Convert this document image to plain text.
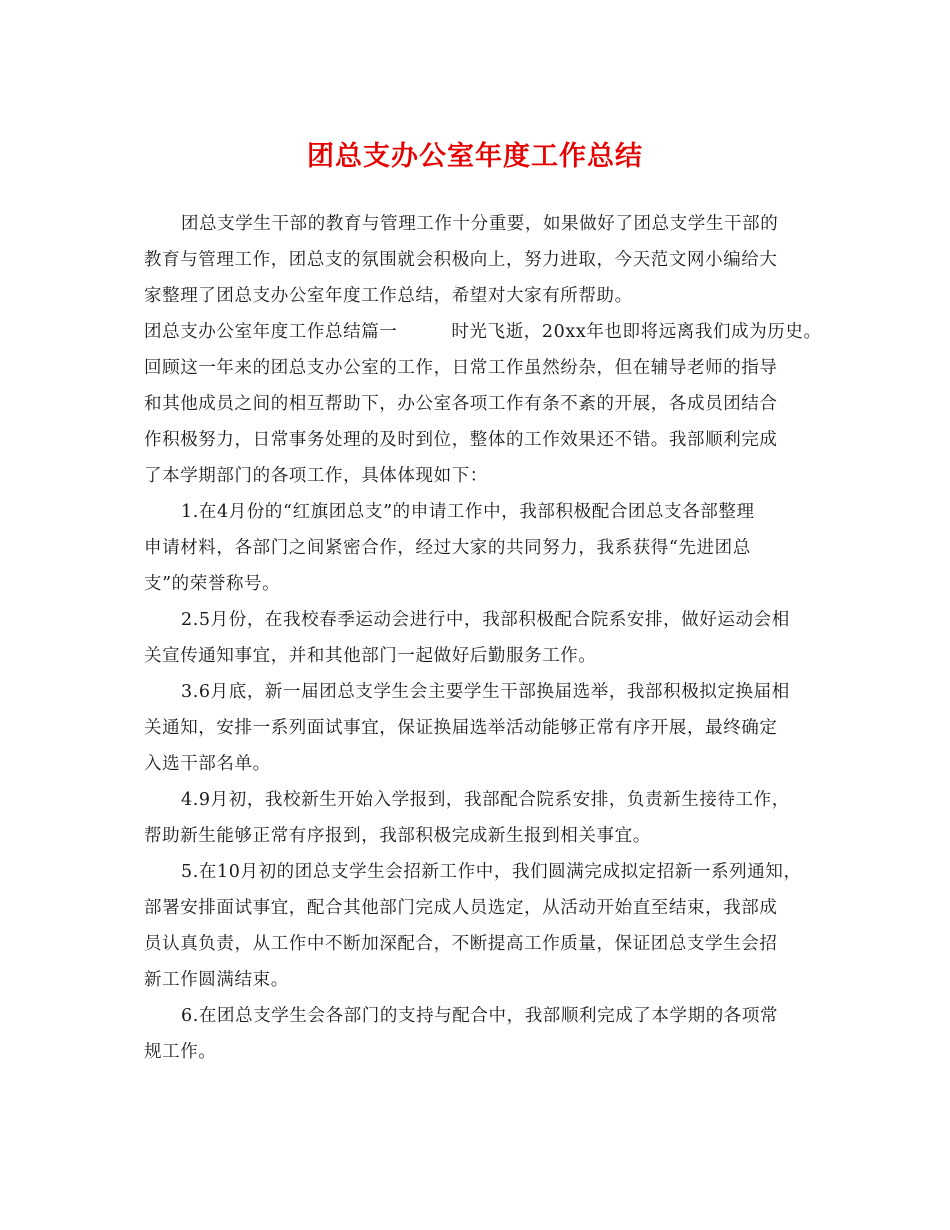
团总支办公室年度工作总结
团总支学生干部的教育与管理工作十分重要，如果做好了团总支学生干部的
教育与管理工作，团总支的氛围就会积极向上，努力进取，今天范文网小编给大
家整理了团总支办公室年度工作总结，希望对大家有所帮助。
团总支办公室年度工作总结篇一	时光飞逝，20xx年也即将远离我们成为历史。
回顾这一年来的团总支办公室的工作，日常工作虽然纷杂，但在辅导老师的指导
和其他成员之间的相互帮助下，办公室各项工作有条不紊的开展，各成员团结合
作积极努力，日常事务处理的及时到位，整体的工作效果还不错。我部顺利完成
了本学期部门的各项工作，具体体现如下：
1.在4月份的“红旗团总支”的申请工作中，我部积极配合团总支各部整理
申请材料，各部门之间紧密合作，经过大家的共同努力，我系获得“先进团总
支”的荣誉称号。
2.5月份，在我校春季运动会进行中，我部积极配合院系安排，做好运动会相
关宣传通知事宜，并和其他部门一起做好后勤服务工作。
3.6月底，新一届团总支学生会主要学生干部换届选举，我部积极拟定换届相
关通知，安排一系列面试事宜，保证换届选举活动能够正常有序开展，最终确定
入选干部名单。
4.9月初，我校新生开始入学报到，我部配合院系安排，负责新生接待工作，
帮助新生能够正常有序报到，我部积极完成新生报到相关事宜。
5.在10月初的团总支学生会招新工作中，我们圆满完成拟定招新一系列通知，
部署安排面试事宜，配合其他部门完成人员选定，从活动开始直至结束，我部成
员认真负责，从工作中不断加深配合，不断提高工作质量，保证团总支学生会招
新工作圆满结束。
6.在团总支学生会各部门的支持与配合中，我部顺利完成了本学期的各项常
规工作。
